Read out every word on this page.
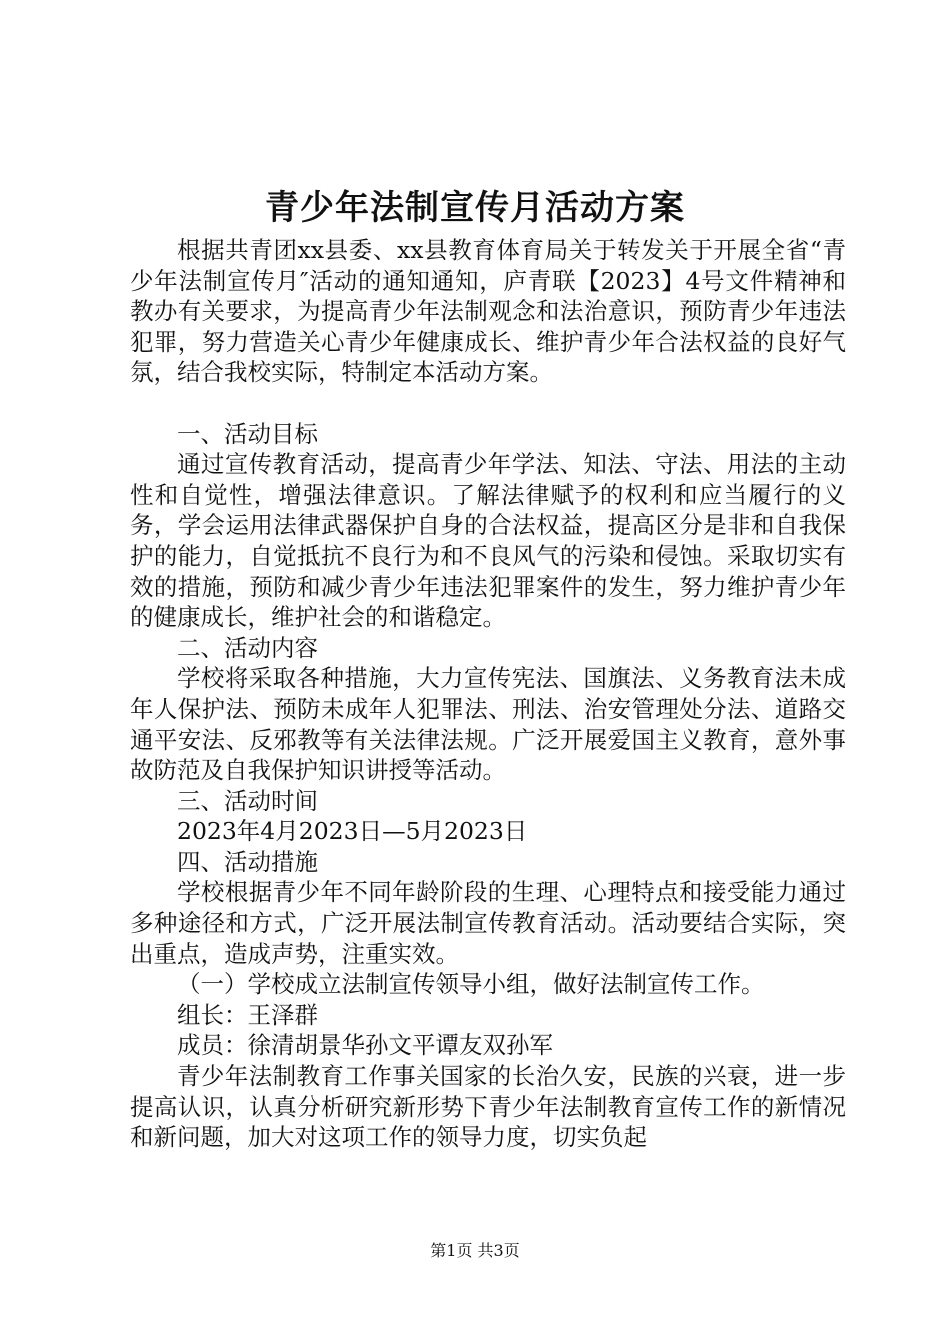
青少年法制宣传月活动方案

根据共青团xx县委、xx县教育体育局关于转发关于开展全省“青少年法制宣传月″活动的通知通知，庐青联【2023】4号文件精神和教办有关要求，为提高青少年法制观念和法治意识，预防青少年违法犯罪，努力营造关心青少年健康成长、维护青少年合法权益的良好气氛，结合我校实际，特制定本活动方案。

一、活动目标

通过宣传教育活动，提高青少年学法、知法、守法、用法的主动性和自觉性，增强法律意识。了解法律赋予的权利和应当履行的义务，学会运用法律武器保护自身的合法权益，提高区分是非和自我保护的能力，自觉抵抗不良行为和不良风气的污染和侵蚀。采取切实有效的措施，预防和减少青少年违法犯罪案件的发生，努力维护青少年的健康成长，维护社会的和谐稳定。

二、活动内容

学校将采取各种措施，大力宣传宪法、国旗法、义务教育法未成年人保护法、预防未成年人犯罪法、刑法、治安管理处分法、道路交通平安法、反邪教等有关法律法规。广泛开展爱国主义教育，意外事故防范及自我保护知识讲授等活动。

三、活动时间

2023年4月2023日—5月2023日

四、活动措施

学校根据青少年不同年龄阶段的生理、心理特点和接受能力通过多种途径和方式，广泛开展法制宣传教育活动。活动要结合实际，突出重点，造成声势，注重实效。

（一）学校成立法制宣传领导小组，做好法制宣传工作。

组长：王泽群

成员：徐清胡景华孙文平谭友双孙军

青少年法制教育工作事关国家的长治久安，民族的兴衰，进一步提高认识，认真分析研究新形势下青少年法制教育宣传工作的新情况和新问题，加大对这项工作的领导力度，切实负起

第1页 共3页
